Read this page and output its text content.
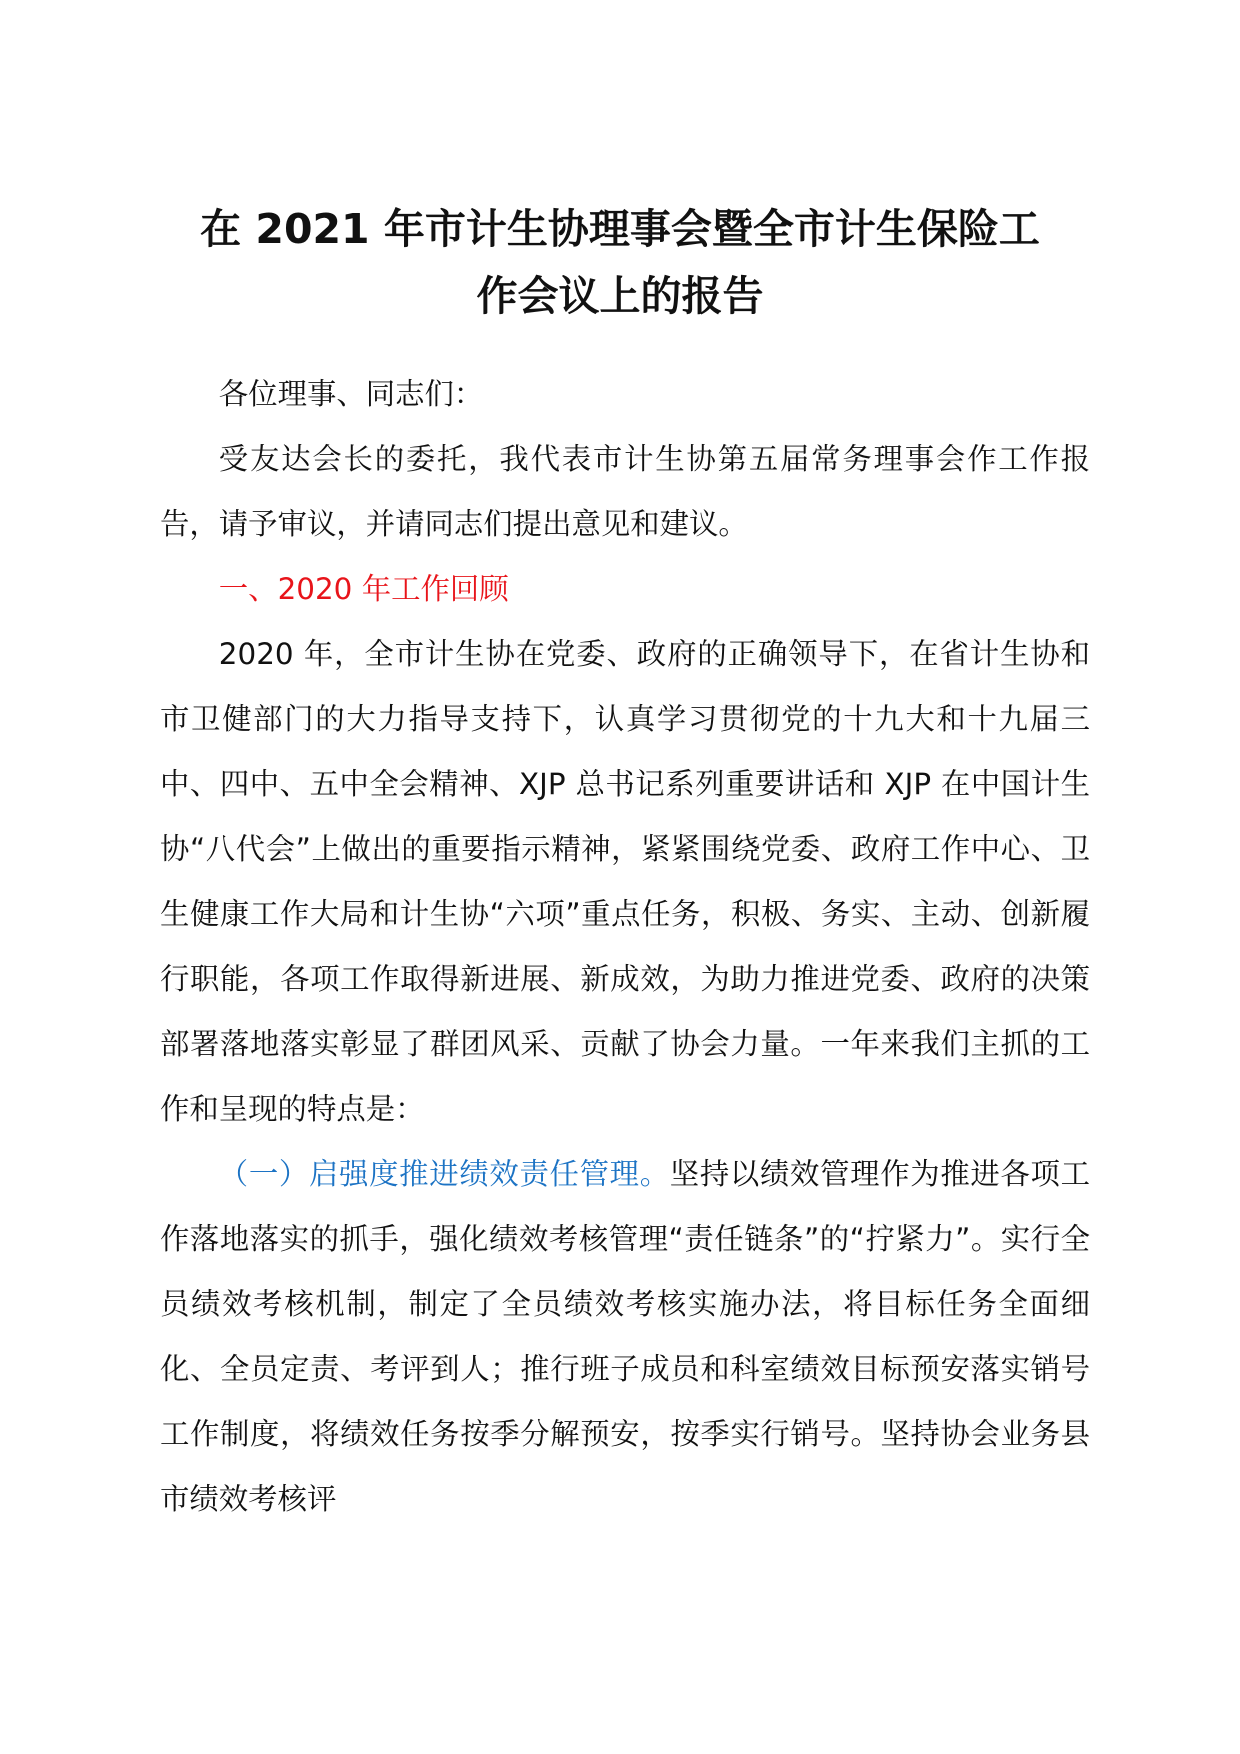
在 2021 年市计生协理事会暨全市计生保险工
作会议上的报告

各位理事、同志们：

受友达会长的委托，我代表市计生协第五届常务理事会作工作报告，请予审议，并请同志们提出意见和建议。

一、2020 年工作回顾

2020 年，全市计生协在党委、政府的正确领导下，在省计生协和市卫健部门的大力指导支持下，认真学习贯彻党的十九大和十九届三中、四中、五中全会精神、XJP 总书记系列重要讲话和 XJP 在中国计生协“八代会”上做出的重要指示精神，紧紧围绕党委、政府工作中心、卫生健康工作大局和计生协“六项”重点任务，积极、务实、主动、创新履行职能，各项工作取得新进展、新成效，为助力推进党委、政府的决策部署落地落实彰显了群团风采、贡献了协会力量。一年来我们主抓的工作和呈现的特点是：

（一）启强度推进绩效责任管理。坚持以绩效管理作为推进各项工作落地落实的抓手，强化绩效考核管理“责任链条”的“拧紧力”。实行全员绩效考核机制，制定了全员绩效考核实施办法，将目标任务全面细化、全员定责、考评到人；推行班子成员和科室绩效目标预安落实销号工作制度，将绩效任务按季分解预安，按季实行销号。坚持协会业务县市绩效考核评
